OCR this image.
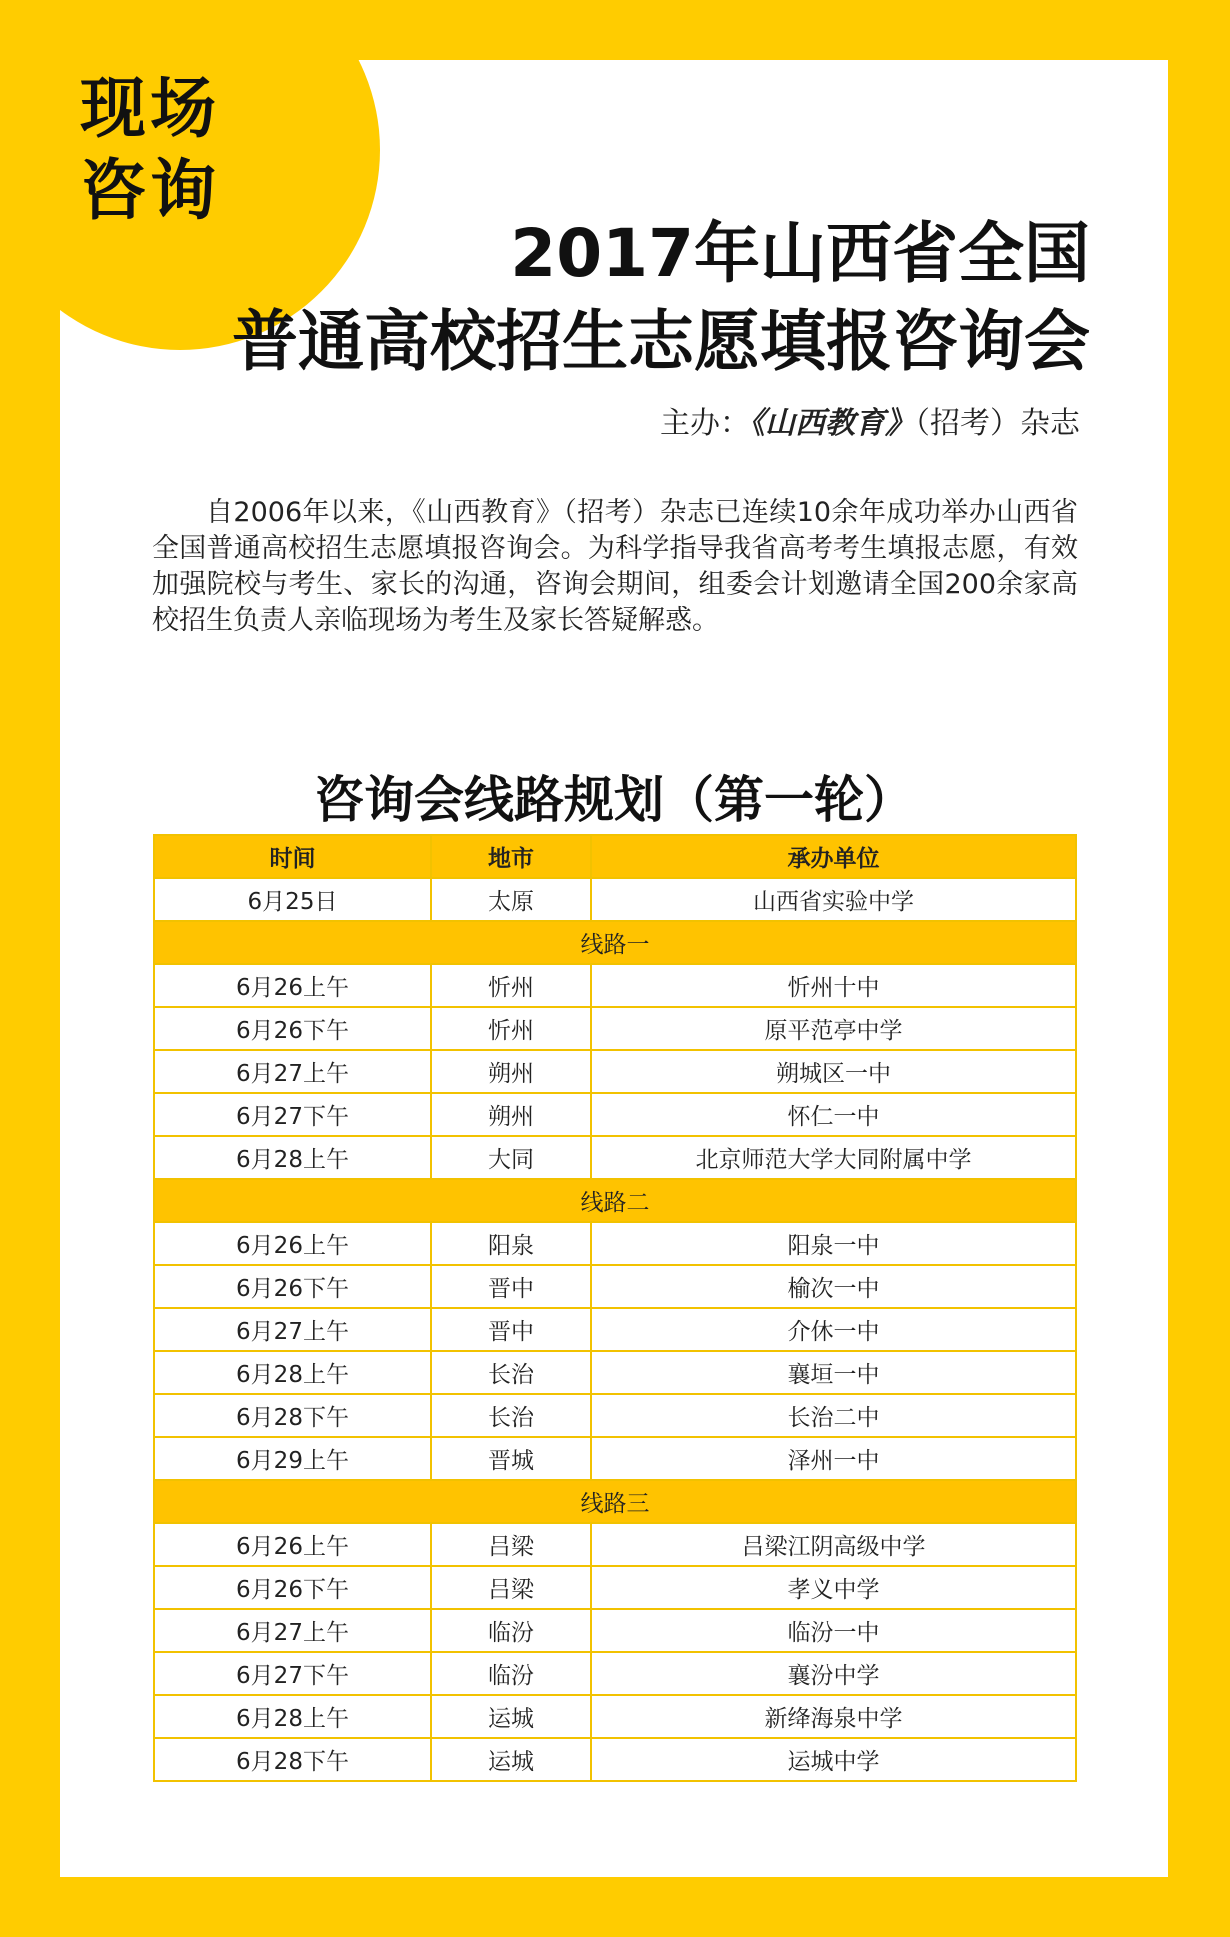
现场
咨询
2017年山西省全国
普通高校招生志愿填报咨询会
主办：《山西教育》（招考）杂志

自2006年以来，《山西教育》（招考）杂志已连续10余年成功举办山西省全国普通高校招生志愿填报咨询会。为科学指导我省高考考生填报志愿，有效加强院校与考生、家长的沟通，咨询会期间，组委会计划邀请全国200余家高校招生负责人亲临现场为考生及家长答疑解惑。

咨询会线路规划（第一轮）
时间	地市	承办单位
6月25日	太原	山西省实验中学
线路一		
6月26上午	忻州	忻州十中
6月26下午	忻州	原平范亭中学
6月27上午	朔州	朔城区一中
6月27下午	朔州	怀仁一中
6月28上午	大同	北京师范大学大同附属中学
线路二		
6月26上午	阳泉	阳泉一中
6月26下午	晋中	榆次一中
6月27上午	晋中	介休一中
6月28上午	长治	襄垣一中
6月28下午	长治	长治二中
6月29上午	晋城	泽州一中
线路三		
6月26上午	吕梁	吕梁江阴高级中学
6月26下午	吕梁	孝义中学
6月27上午	临汾	临汾一中
6月27下午	临汾	襄汾中学
6月28上午	运城	新绛海泉中学
6月28下午	运城	运城中学
